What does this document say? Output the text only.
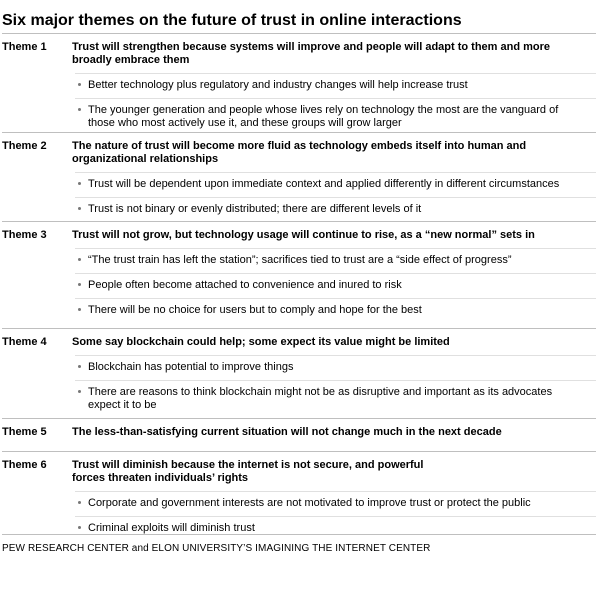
Six major themes on the future of trust in online interactions
Theme 1	Trust will strengthen because systems will improve and people will adapt to them and more broadly embrace them
Better technology plus regulatory and industry changes will help increase trust
The younger generation and people whose lives rely on technology the most are the vanguard of those who most actively use it, and these groups will grow larger
Theme 2	The nature of trust will become more fluid as technology embeds itself into human and organizational relationships
Trust will be dependent upon immediate context and applied differently in different circumstances
Trust is not binary or evenly distributed; there are different levels of it
Theme 3	Trust will not grow, but technology usage will continue to rise, as a “new normal” sets in
“The trust train has left the station”; sacrifices tied to trust are a “side effect of progress”
People often become attached to convenience and inured to risk
There will be no choice for users but to comply and hope for the best
Theme 4	Some say blockchain could help; some expect its value might be limited
Blockchain has potential to improve things
There are reasons to think blockchain might not be as disruptive and important as its advocates expect it to be
Theme 5	The less-than-satisfying current situation will not change much in the next decade
Theme 6	Trust will diminish because the internet is not secure, and powerful forces threaten individuals’ rights
Corporate and government interests are not motivated to improve trust or protect the public
Criminal exploits will diminish trust
PEW RESEARCH CENTER and ELON UNIVERSITY’S IMAGINING THE INTERNET CENTER
